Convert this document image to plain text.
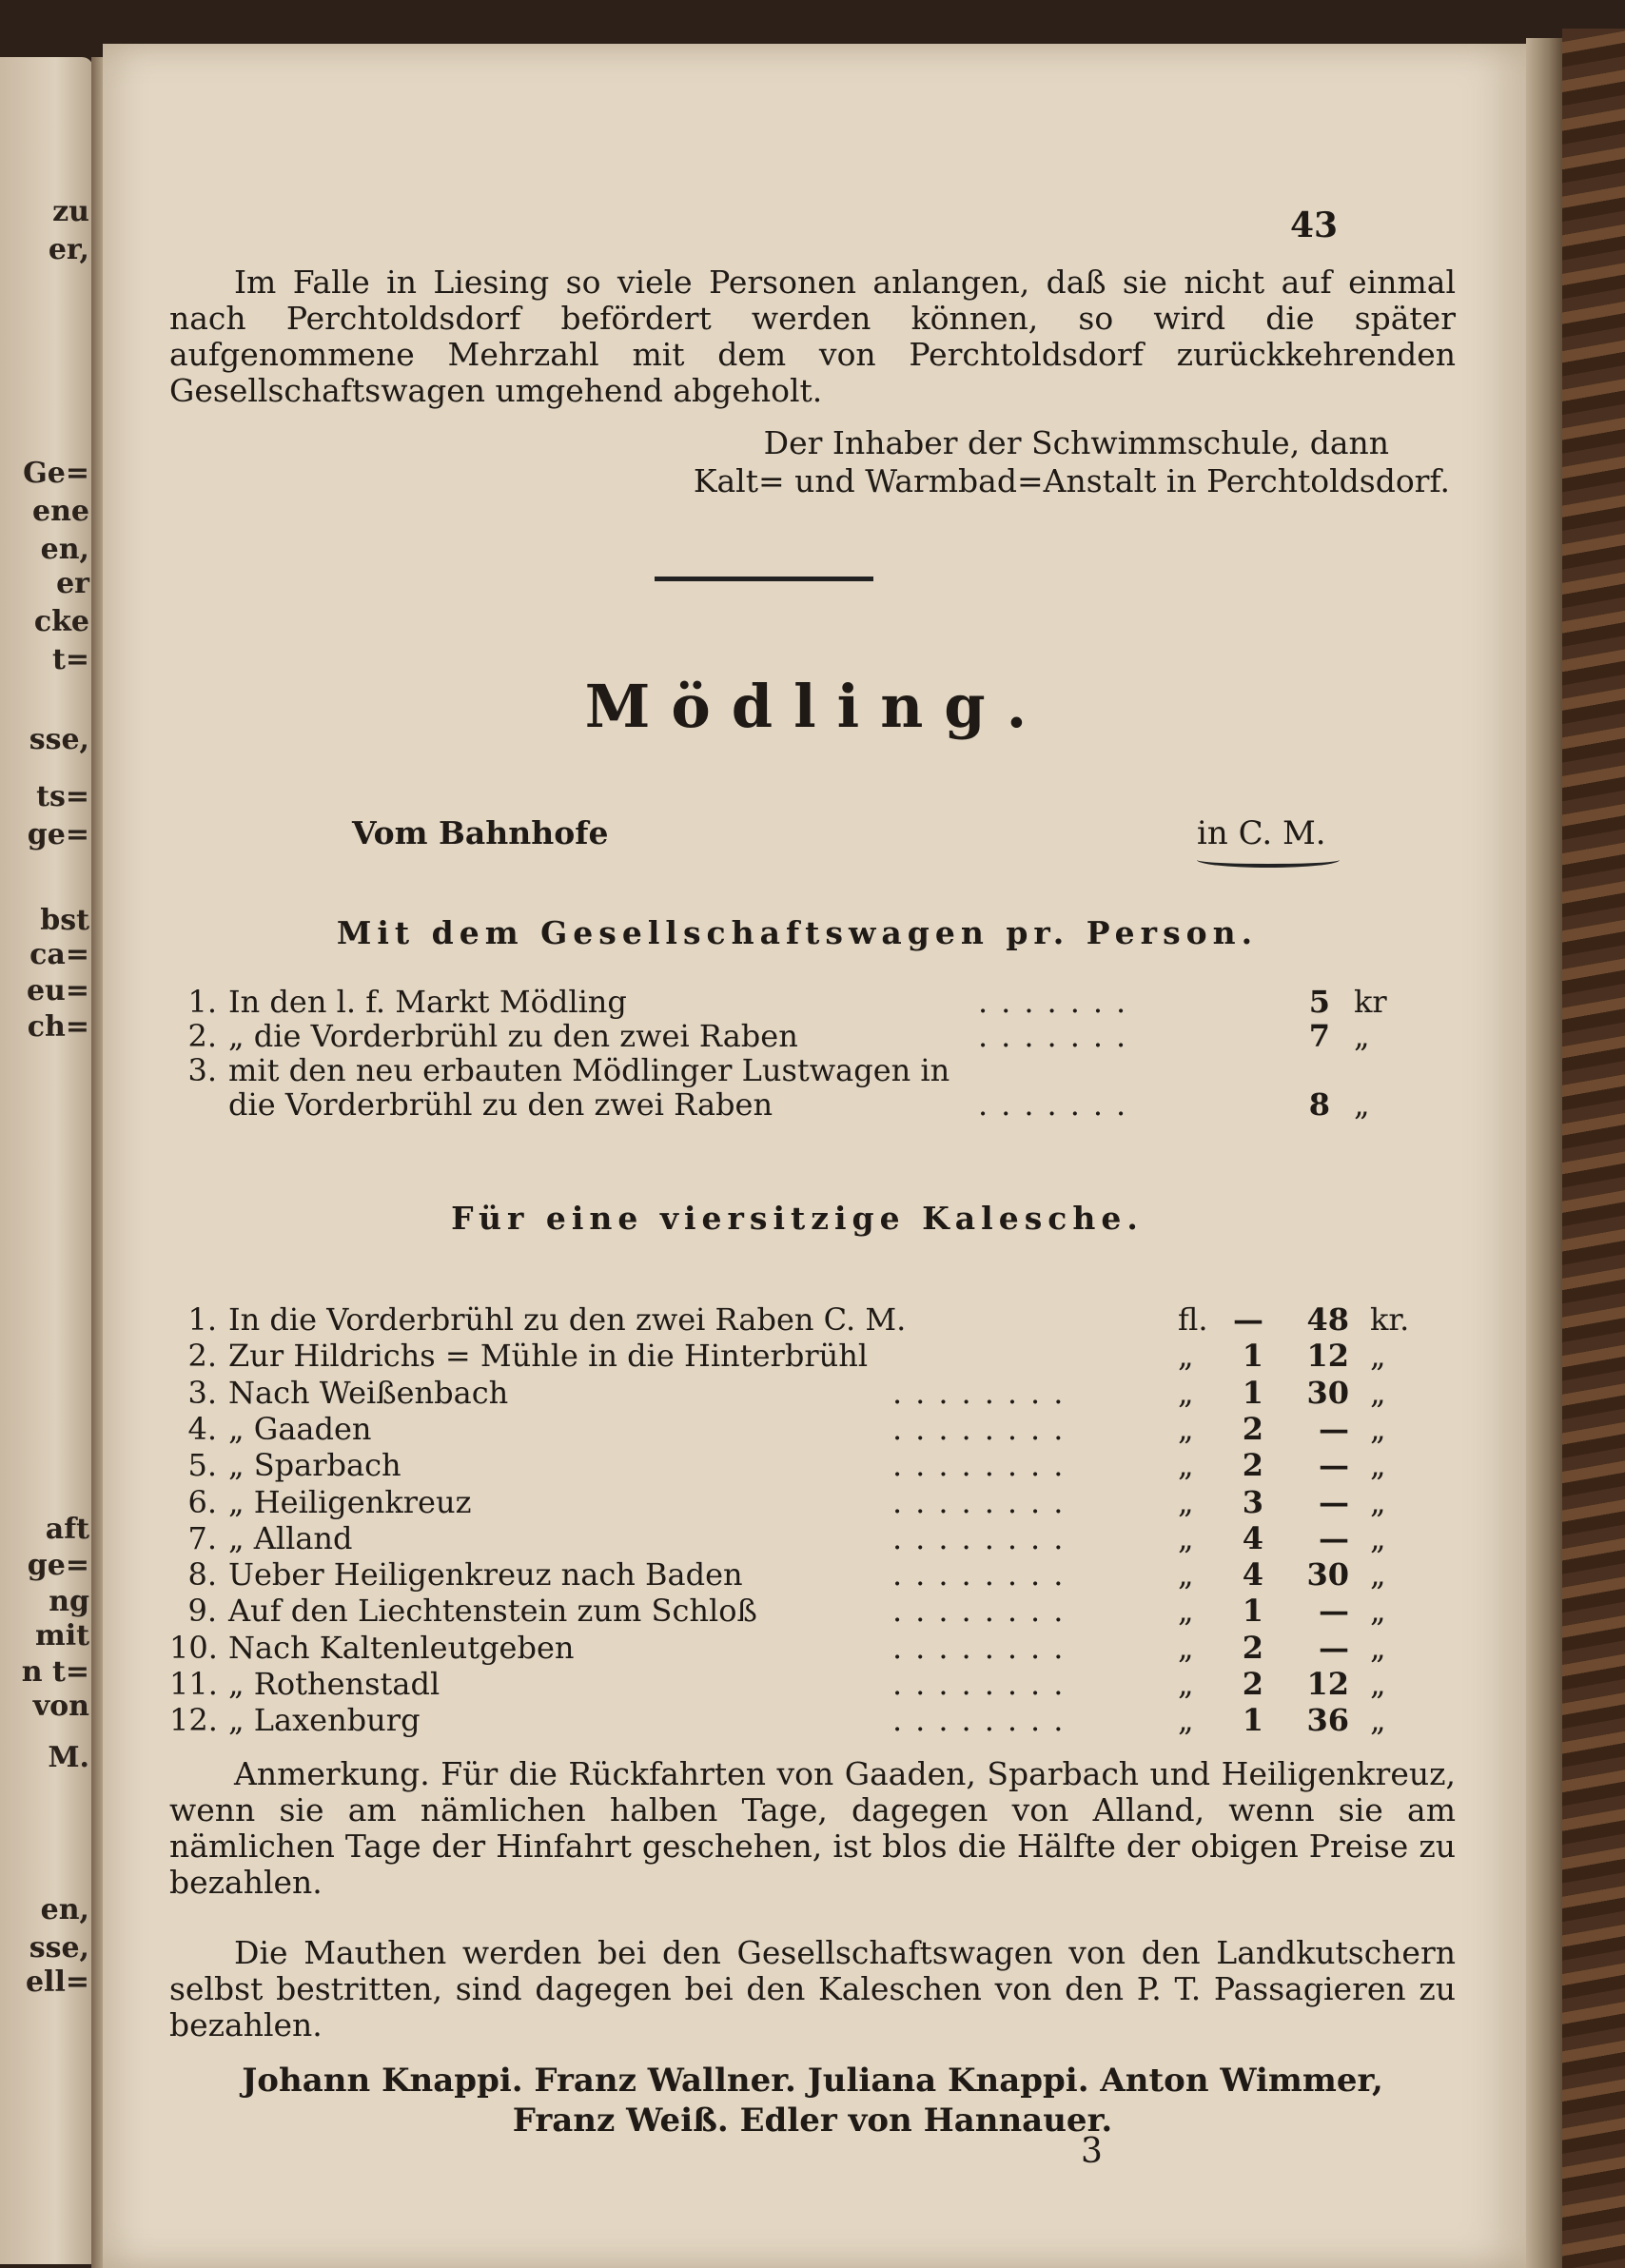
zu
er,
Ge=
ene
en,
er
cke
t=
sse,
ts=
ge=
bst
ca=
eu=
ch=
aft
ge=
ng
mit
n t=
von
M.
en,
sse,
ell=
43
Im Falle in Liesing so viele Personen anlangen, daß sie nicht auf einmal nach Perchtoldsdorf befördert werden können, so wird die später aufgenommene Mehrzahl mit dem von Perchtoldsdorf zurückkehrenden Gesellschaftswagen umgehend abgeholt.
Der Inhaber der Schwimmschule, dann
Kalt= und Warmbad=Anstalt in Perchtoldsdorf.
Mödling.
Vom Bahnhofe	in C. M.
Mit dem Gesellschaftswagen pr. Person.
1. In den l. f. Markt Mödling	.......	5 kr
2. „ die Vorderbrühl zu den zwei Raben	.......	7 „
3. mit den neu erbauten Mödlinger Lustwagen in
die Vorderbrühl zu den zwei Raben	.......	8 „
Für eine viersitzige Kalesche.
1. In die Vorderbrühl zu den zwei Raben C. M.	fl. —	48 kr.
2. Zur Hildrichs = Mühle in die Hinterbrühl	„	1	12 „
3. Nach Weißenbach	........	„	1	30 „
4. „ Gaaden	........	„	2	— „
5. „ Sparbach	........	„	2	— „
6. „ Heiligenkreuz	........	„	3	— „
7. „ Alland	........	„	4	— „
8. Ueber Heiligenkreuz nach Baden	........	„	4	30 „
9. Auf den Liechtenstein zum Schloß	........	„	1	— „
10. Nach Kaltenleutgeben	........	„	2	— „
11. „ Rothenstadl	........	„	2	12 „
12. „ Laxenburg	........	„	1	36 „
Anmerkung. Für die Rückfahrten von Gaaden, Sparbach und Heiligenkreuz, wenn sie am nämlichen halben Tage, dagegen von Alland, wenn sie am nämlichen Tage der Hinfahrt geschehen, ist blos die Hälfte der obigen Preise zu bezahlen.
Die Mauthen werden bei den Gesellschaftswagen von den Landkutschern selbst bestritten, sind dagegen bei den Kaleschen von den P. T. Passagieren zu bezahlen.
Johann Knappi. Franz Wallner. Juliana Knappi. Anton Wimmer,
Franz Weiß. Edler von Hannauer.
3
